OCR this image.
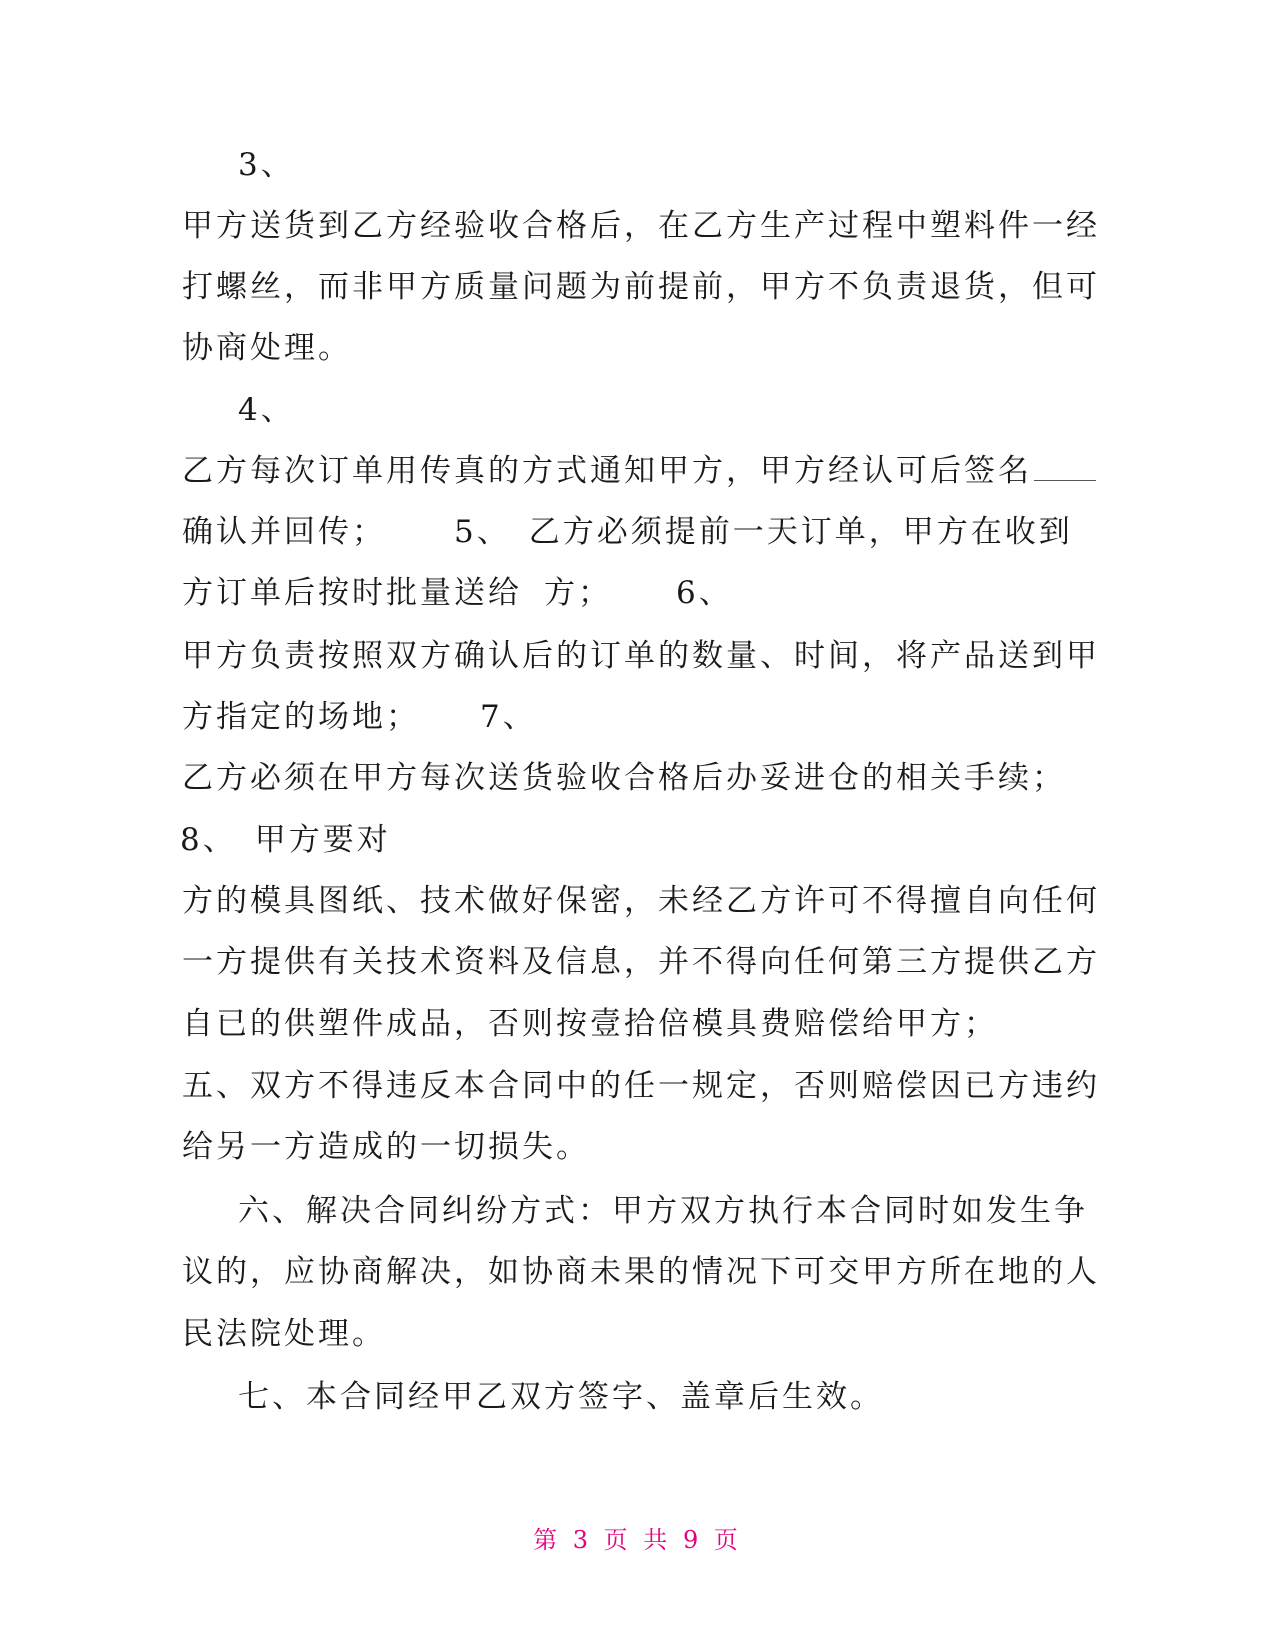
3、

甲方送货到乙方经验收合格后，在乙方生产过程中塑料件一经

打螺丝，而非甲方质量问题为前提前，甲方不负责退货，但可

协商处理。

4、

乙方每次订单用传真的方式通知甲方，甲方经认可后签名

确认并回传； 5、 乙方必须提前一天订单，甲方在收到

方订单后按时批量送给 方； 6、

甲方负责按照双方确认后的订单的数量、时间，将产品送到甲

方指定的场地； 7、

乙方必须在甲方每次送货验收合格后办妥进仓的相关手续；

8、 甲方要对

方的模具图纸、技术做好保密，未经乙方许可不得擅自向任何

一方提供有关技术资料及信息，并不得向任何第三方提供乙方

自已的供塑件成品，否则按壹拾倍模具费赔偿给甲方；

五、双方不得违反本合同中的任一规定，否则赔偿因已方违约

给另一方造成的一切损失。

六、解决合同纠纷方式：甲方双方执行本合同时如发生争

议的，应协商解决，如协商未果的情况下可交甲方所在地的人

民法院处理。

七、本合同经甲乙双方签字、盖章后生效。

第 3 页 共 9 页
